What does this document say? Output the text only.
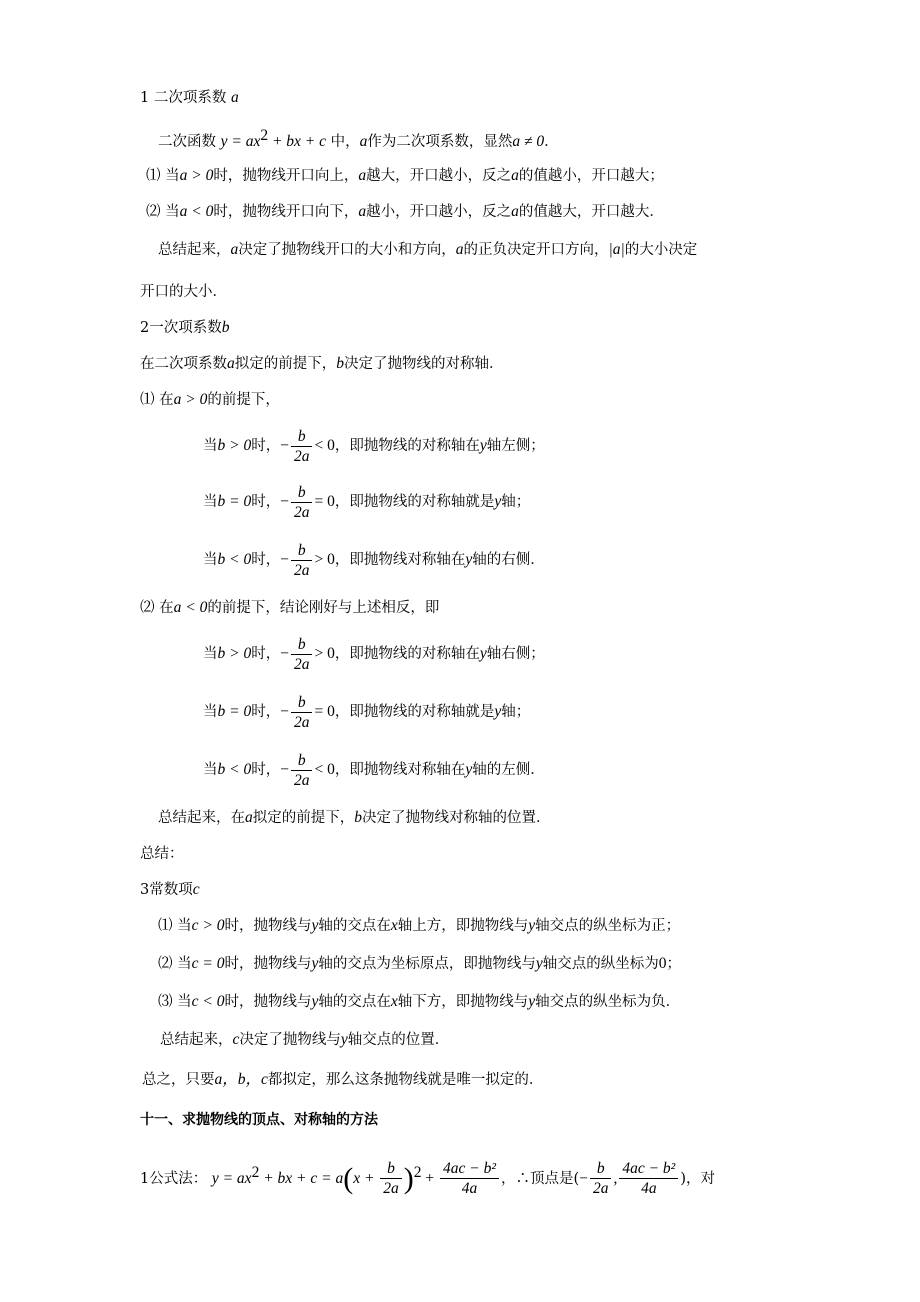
1 二次项系数 a
二次函数 $y = ax^2$ + bx + c 中，a作为二次项系数，显然a ≠ 0．
⑴ 当a > 0时，抛物线开口向上，a越大，开口越小，反之a的值越小，开口越大；
⑵ 当a < 0时，抛物线开口向下，a越小，开口越小，反之a的值越大，开口越大．
总结起来，a决定了抛物线开口的大小和方向，a的正负决定开口方向，|a|的大小决定
开口的大小．
2一次项系数b
在二次项系数a拟定的前提下，b决定了抛物线的对称轴．
⑴ 在a > 0的前提下，
当b > 0时，− $\frac{b}{2a} < 0$，即抛物线的对称轴在y轴左侧；
当b = 0时，− $\frac{b}{2a} = 0$，即抛物线的对称轴就是y轴；
当b < 0时，− $\frac{b}{2a} > 0$，即抛物线对称轴在y轴的右侧．
⑵ 在a < 0的前提下，结论刚好与上述相反，即
当b > 0时，− $\frac{b}{2a} > 0$，即抛物线的对称轴在y轴右侧；
当b = 0时，− $\frac{b}{2a} = 0$，即抛物线的对称轴就是y轴；
当b < 0时，− $\frac{b}{2a} < 0$，即抛物线对称轴在y轴的左侧．
总结起来，在a拟定的前提下，b决定了抛物线对称轴的位置．
总结：
3常数项c
⑴ 当c > 0时，抛物线与y轴的交点在x轴上方，即抛物线与y轴交点的纵坐标为正；
⑵ 当c = 0时，抛物线与y轴的交点为坐标原点，即抛物线与y轴交点的纵坐标为0；
⑶ 当c < 0时，抛物线与y轴的交点在x轴下方，即抛物线与y轴交点的纵坐标为负．
总结起来，c决定了抛物线与y轴交点的位置．
总之，只要a，b，c都拟定，那么这条抛物线就是唯一拟定的．
十一、求抛物线的顶点、对称轴的方法
1公式法： $y = ax^2$ + bx + $c = a(x + \frac{b}{2a} )^2 + \frac{\text{4ac − b²}}{4a}$ ，∴顶点是(− $\frac{b}{2a}$ , $\frac{\text{4ac − b²}}{4a}$ )，对
